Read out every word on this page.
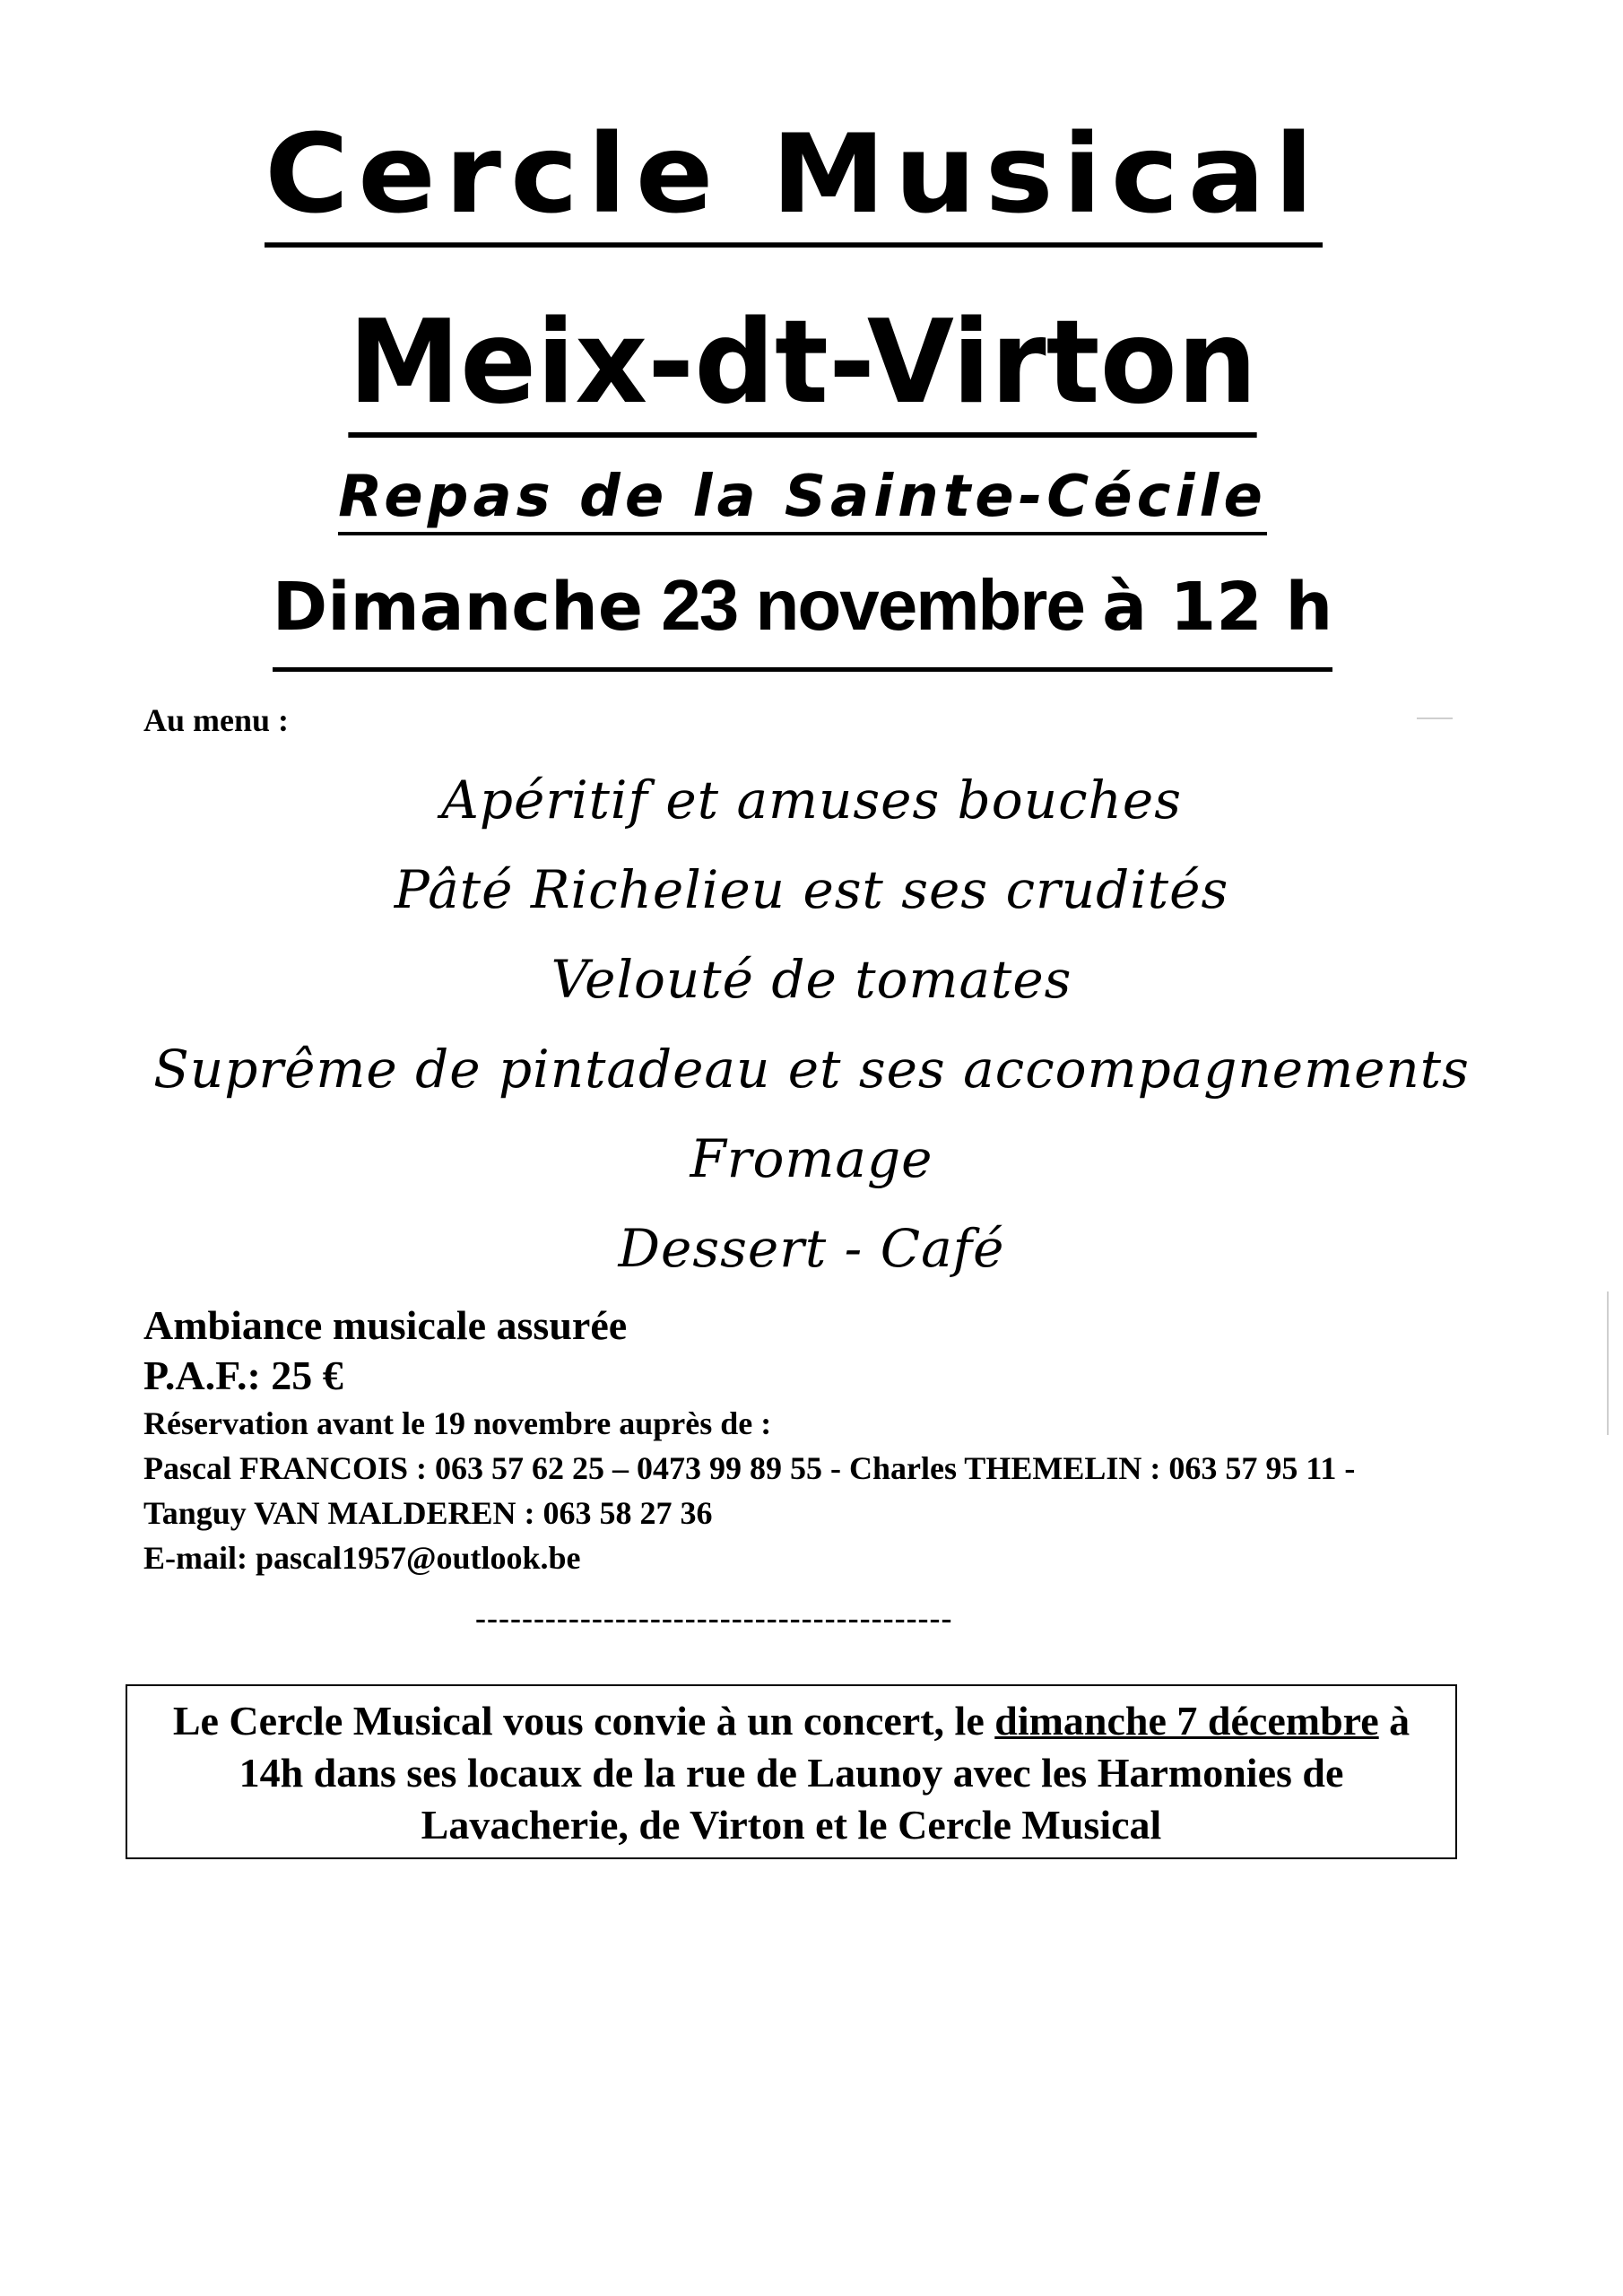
Cercle Musical
Meix-dt-Virton
Repas de la Sainte-Cécile
Dimanche 23 novembre à 12 h
Au menu :
Apéritif et amuses bouches
Pâté Richelieu est ses crudités
Velouté de tomates
Suprême de pintadeau et ses accompagnements
Fromage
Dessert - Café
Ambiance musicale assurée
P.A.F.: 25 €
Réservation avant le 19 novembre auprès de :
Pascal FRANCOIS : 063 57 62 25 – 0473 99 89 55 - Charles THEMELIN : 063 57 95 11 - Tanguy VAN MALDEREN : 063 58 27 36
E-mail: pascal1957@outlook.be
-----------------------------------------
Le Cercle Musical vous convie à un concert, le dimanche 7 décembre à 14h dans ses locaux de la rue de Launoy avec les Harmonies de Lavacherie, de Virton et le Cercle Musical
